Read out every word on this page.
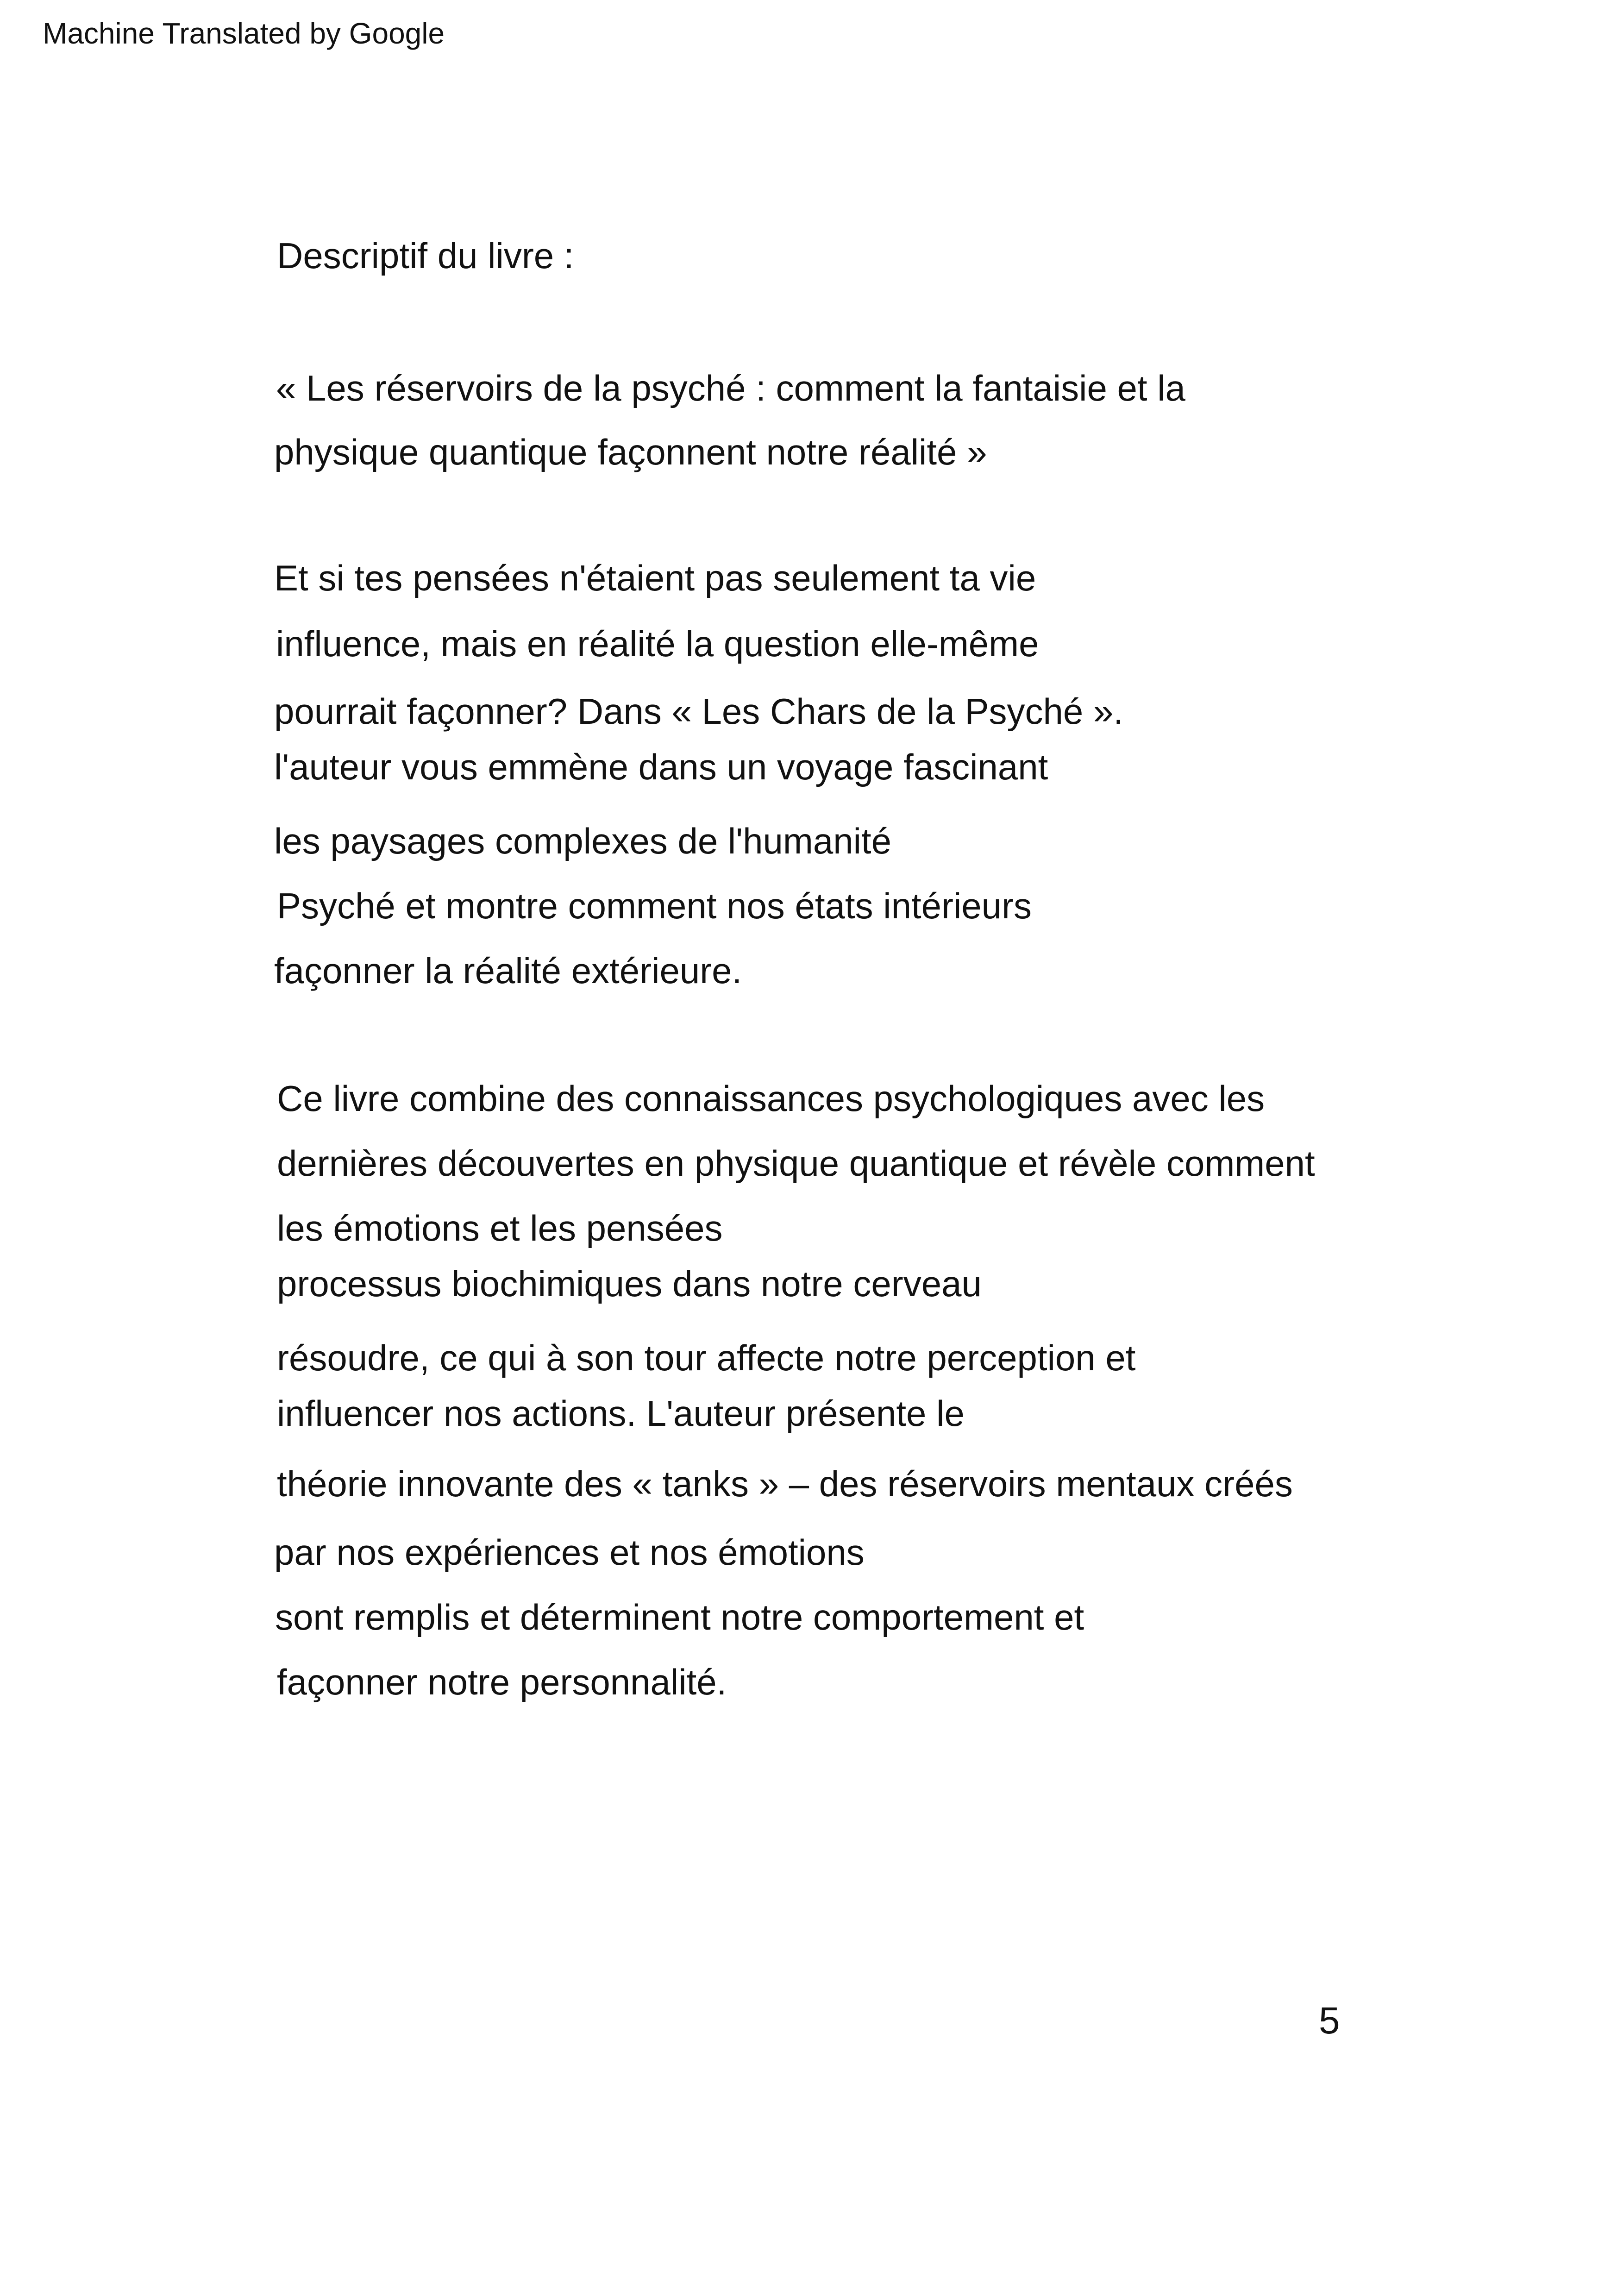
Machine Translated by Google
Descriptif du livre :
« Les réservoirs de la psyché : comment la fantaisie et la
physique quantique façonnent notre réalité »
Et si tes pensées n'étaient pas seulement ta vie
influence, mais en réalité la question elle-même
pourrait façonner? Dans « Les Chars de la Psyché ».
l'auteur vous emmène dans un voyage fascinant
les paysages complexes de l'humanité
Psyché et montre comment nos états intérieurs
façonner la réalité extérieure.
Ce livre combine des connaissances psychologiques avec les
dernières découvertes en physique quantique et révèle comment
les émotions et les pensées
processus biochimiques dans notre cerveau
résoudre, ce qui à son tour affecte notre perception et
influencer nos actions. L'auteur présente le
théorie innovante des « tanks » – des réservoirs mentaux créés
par nos expériences et nos émotions
sont remplis et déterminent notre comportement et
façonner notre personnalité.
5
